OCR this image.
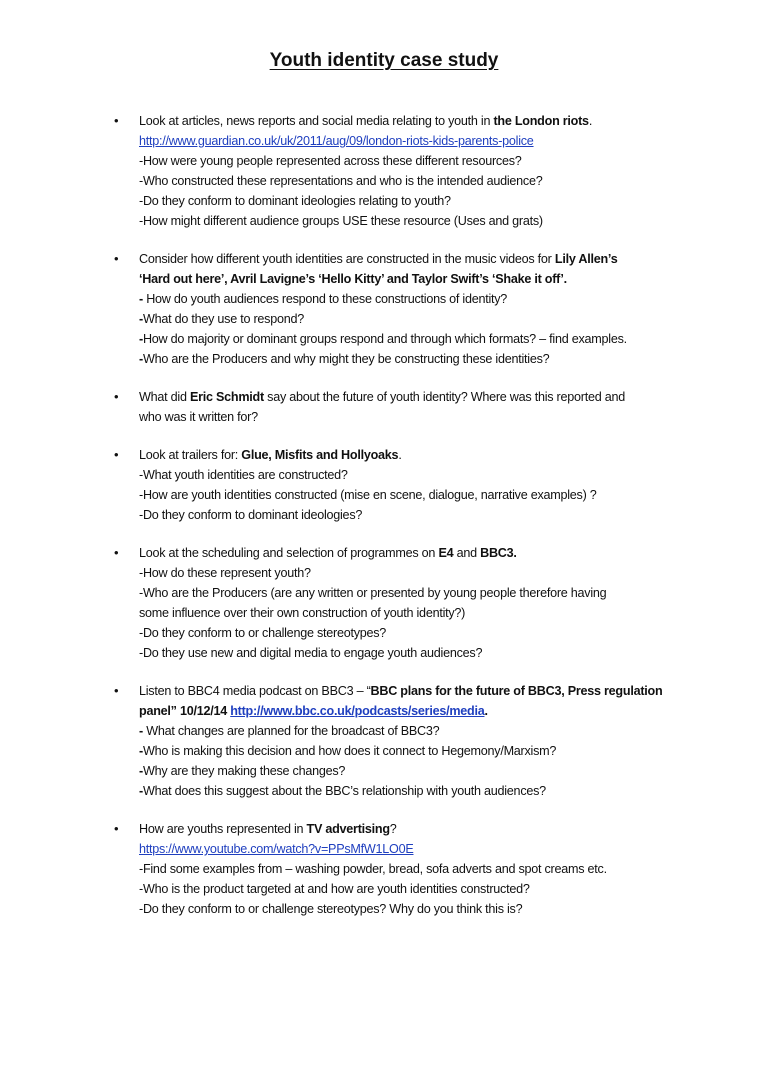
Youth identity case study
• Look at articles, news reports and social media relating to youth in the London riots.
http://www.guardian.co.uk/uk/2011/aug/09/london-riots-kids-parents-police
-How were young people represented across these different resources?
-Who constructed these representations and who is the intended audience?
-Do they conform to dominant ideologies relating to youth?
-How might different audience groups USE these resource (Uses and grats)
• Consider how different youth identities are constructed in the music videos for Lily Allen’s
‘Hard out here’, Avril Lavigne’s ‘Hello Kitty’ and Taylor Swift’s ‘Shake it off’.
- How do youth audiences respond to these constructions of identity?
-What do they use to respond?
-How do majority or dominant groups respond and through which formats? – find examples.
-Who are the Producers and why might they be constructing these identities?
• What did Eric Schmidt say about the future of youth identity? Where was this reported and
who was it written for?
• Look at trailers for: Glue, Misfits and Hollyoaks.
-What youth identities are constructed?
-How are youth identities constructed (mise en scene, dialogue, narrative examples) ?
-Do they conform to dominant ideologies?
• Look at the scheduling and selection of programmes on E4 and BBC3.
-How do these represent youth?
-Who are the Producers (are any written or presented by young people therefore having
some influence over their own construction of youth identity?)
-Do they conform to or challenge stereotypes?
-Do they use new and digital media to engage youth audiences?
• Listen to BBC4 media podcast on BBC3 – “BBC plans for the future of BBC3, Press regulation
panel” 10/12/14 http://www.bbc.co.uk/podcasts/series/media.
- What changes are planned for the broadcast of BBC3?
-Who is making this decision and how does it connect to Hegemony/Marxism?
-Why are they making these changes?
-What does this suggest about the BBC’s relationship with youth audiences?
• How are youths represented in TV advertising?
https://www.youtube.com/watch?v=PPsMfW1LO0E
-Find some examples from – washing powder, bread, sofa adverts and spot creams etc.
-Who is the product targeted at and how are youth identities constructed?
-Do they conform to or challenge stereotypes? Why do you think this is?
